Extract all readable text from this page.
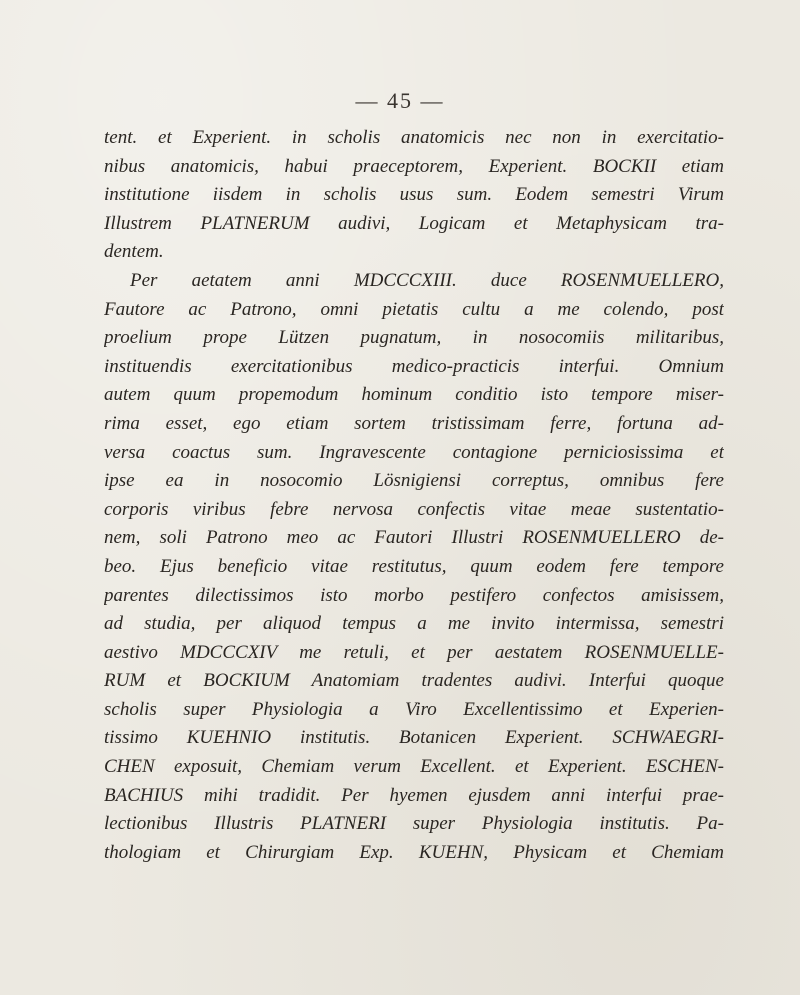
— 45 —
tent. et Experient. in scholis anatomicis nec non in exercitatio-
nibus anatomicis, habui praeceptorem, Experient. BOCKII etiam
institutione iisdem in scholis usus sum. Eodem semestri Virum
Illustrem PLATNERUM audivi, Logicam et Metaphysicam tra-
dentem.
Per aetatem anni MDCCCXIII. duce ROSENMUELLERO,
Fautore ac Patrono, omni pietatis cultu a me colendo, post
proelium prope Lützen pugnatum, in nosocomiis militaribus,
instituendis exercitationibus medico-practicis interfui. Omnium
autem quum propemodum hominum conditio isto tempore miser-
rima esset, ego etiam sortem tristissimam ferre, fortuna ad-
versa coactus sum. Ingravescente contagione perniciosissima et
ipse ea in nosocomio Lösnigiensi correptus, omnibus fere
corporis viribus febre nervosa confectis vitae meae sustentatio-
nem, soli Patrono meo ac Fautori Illustri ROSENMUELLERO de-
beo. Ejus beneficio vitae restitutus, quum eodem fere tempore
parentes dilectissimos isto morbo pestifero confectos amisissem,
ad studia, per aliquod tempus a me invito intermissa, semestri
aestivo MDCCCXIV me retuli, et per aestatem ROSENMUELLE-
RUM et BOCKIUM Anatomiam tradentes audivi. Interfui quoque
scholis super Physiologia a Viro Excellentissimo et Experien-
tissimo KUEHNIO institutis. Botanicen Experient. SCHWAEGRI-
CHEN exposuit, Chemiam verum Excellent. et Experient. ESCHEN-
BACHIUS mihi tradidit. Per hyemen ejusdem anni interfui prae-
lectionibus Illustris PLATNERI super Physiologia institutis. Pa-
thologiam et Chirurgiam Exp. KUEHN, Physicam et Chemiam
